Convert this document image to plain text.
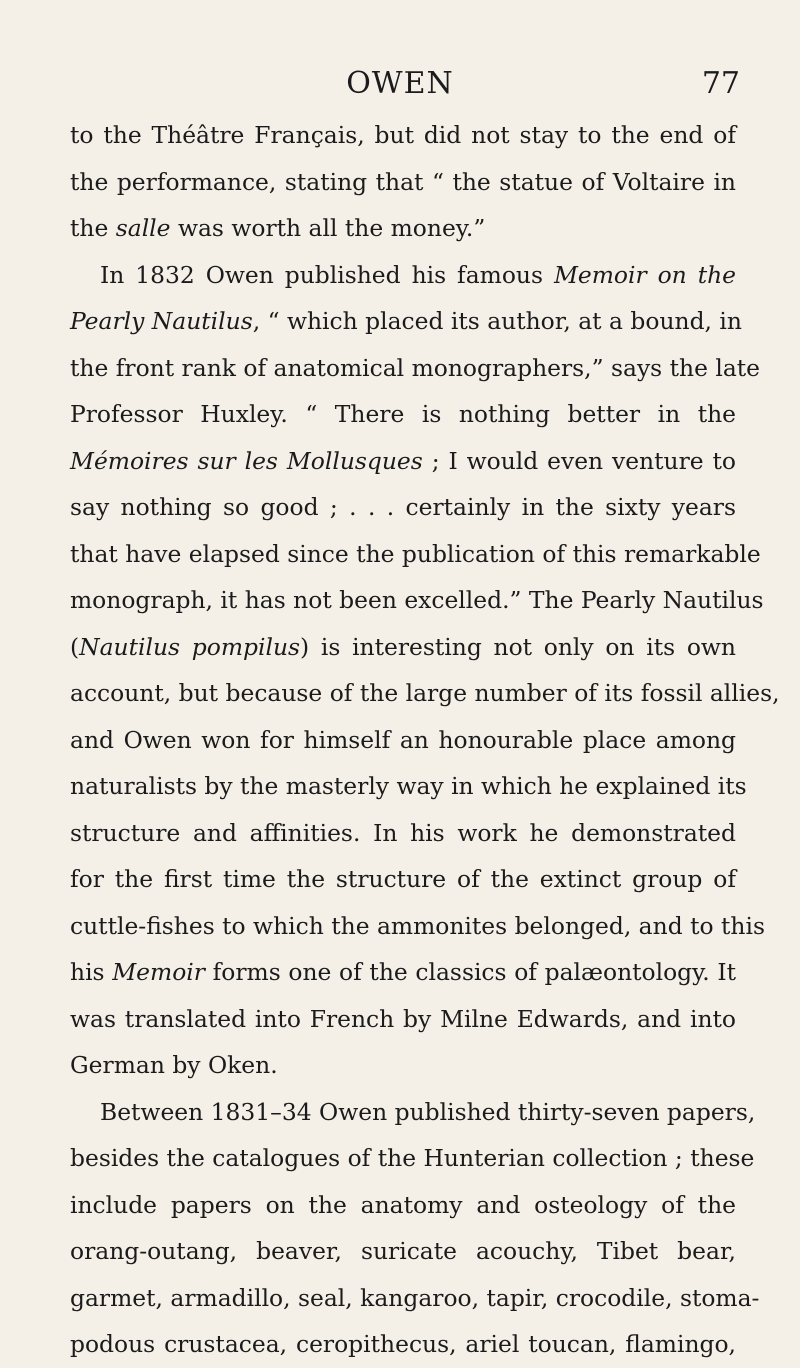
OWEN	77
to the Théâtre Français, but did not stay to the end of
the performance, stating that “ the statue of Voltaire in
the salle was worth all the money.”
In 1832 Owen published his famous Memoir on the
Pearly Nautilus, “ which placed its author, at a bound, in
the front rank of anatomical monographers,” says the late
Professor Huxley. “ There is nothing better in the
Mémoires sur les Mollusques ; I would even venture to
say nothing so good ; . . . certainly in the sixty years
that have elapsed since the publication of this remarkable
monograph, it has not been excelled.” The Pearly Nautilus
(Nautilus pompilus) is interesting not only on its own
account, but because of the large number of its fossil allies,
and Owen won for himself an honourable place among
naturalists by the masterly way in which he explained its
structure and affinities. In his work he demonstrated
for the first time the structure of the extinct group of
cuttle-fishes to which the ammonites belonged, and to this
his Memoir forms one of the classics of palæontology. It
was translated into French by Milne Edwards, and into
German by Oken.
Between 1831–34 Owen published thirty-seven papers,
besides the catalogues of the Hunterian collection ; these
include papers on the anatomy and osteology of the
orang-outang, beaver, suricate acouchy, Tibet bear,
garmet, armadillo, seal, kangaroo, tapir, crocodile, stoma-
podous crustacea, ceropithecus, ariel toucan, flamingo,
